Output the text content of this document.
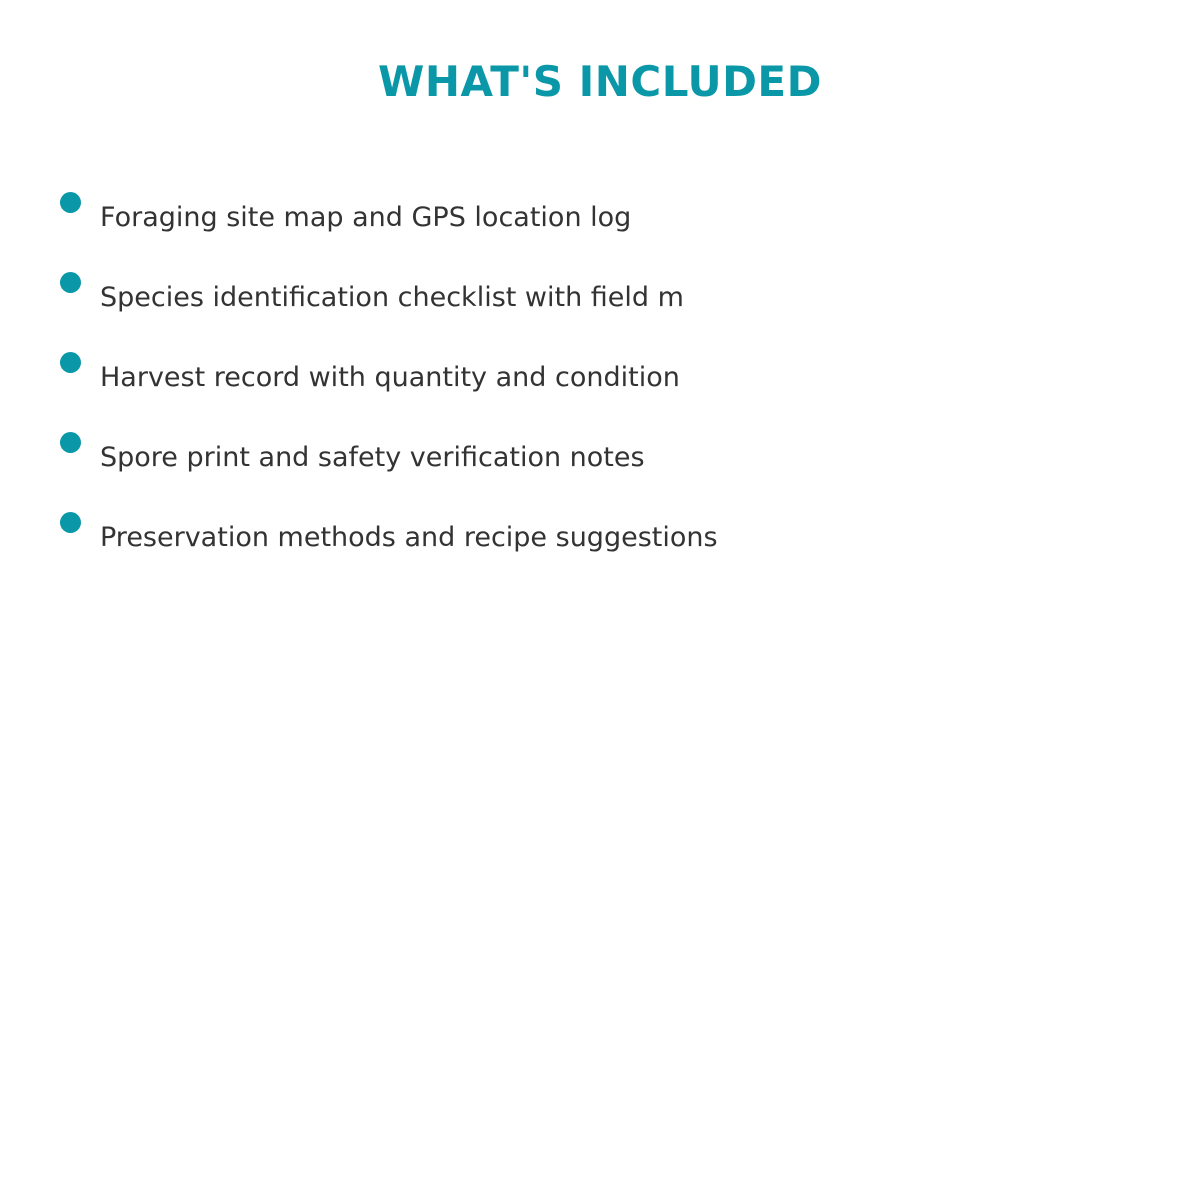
WHAT'S INCLUDED
Foraging site map and GPS location log
Species identification checklist with field m
Harvest record with quantity and condition
Spore print and safety verification notes
Preservation methods and recipe suggestions
